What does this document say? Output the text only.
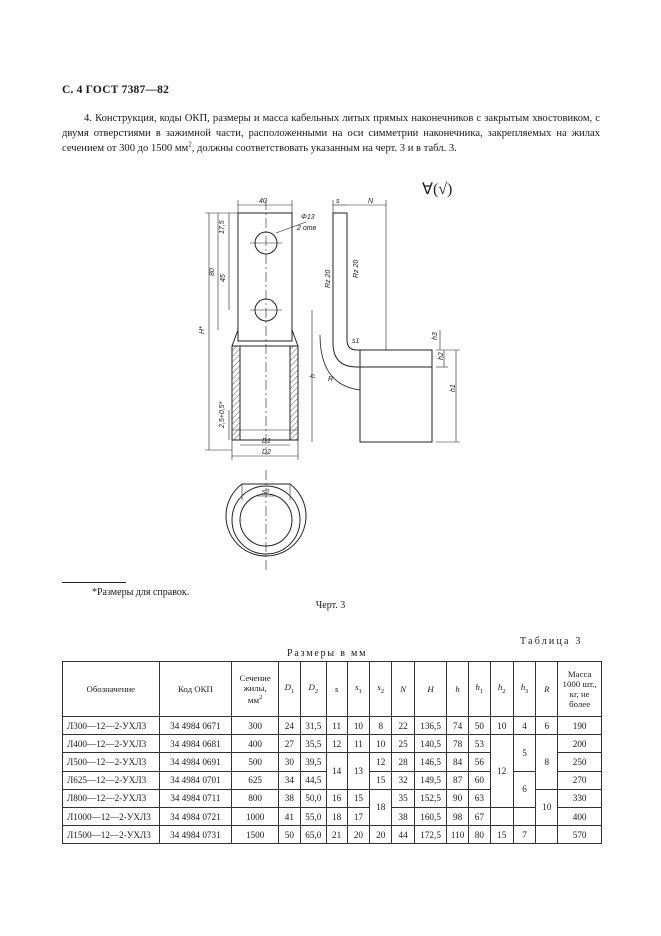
С. 4 ГОСТ 7387—82
4. Конструкция, коды ОКП, размеры и масса кабельных литых прямых наконечников с закрытым хвостовиком, с двумя отверстиями в зажимной части, расположенными на оси симметрии наконечника, закрепляемых на жилах сечением от 300 до 1500 $мм^2$, должны соответствовать указанным на черт. 3 и в табл. 3.
40
Φ13
2 отв
17,5
80
45
H*
2,5+0,5*
D1
D2
s2
s	N
Rz 20
Rz 20
s1
R
h
h1
h2
h3
∀(√)
*Размеры для справок.
Черт. 3
Таблица 3
Размеры в мм
Обозначение	Код ОКП	Сечение
жилы,
$мм^2$	$D_1$	$D_2$	s	$s_1$	$s_2$	N	H	h	$h_1$	$h_2$	$h_3$	R	Масса
1000 шт.,
кг, не
более
Л300—12—2-УХЛ3	34 4984 0671	300	24	31,5	11	10	8	22	136,5	74	50	10	4	6	190
Л400—12—2-УХЛ3	34 4984 0681	400	27	35,5	12	11	10	25	140,5	78	53	12	5	8	200
Л500—12—2-УХЛ3	34 4984 0691	500	30	39,5	14	13	12	28	146,5	84	56				250
Л625—12—2-УХЛ3	34 4984 0701	625	34	44,5			15	32	149,5	87	60		6		270
Л800—12—2-УХЛ3	34 4984 0711	800	38	50,0	16	15	18	35	152,5	90	63			10	330
Л1000—12—2-УХЛ3	34 4984 0721	1000	41	55,0	18	17		38	160,5	98	67				400
Л1500—12—2-УХЛ3	34 4984 0731	1500	50	65,0	21	20	20	44	172,5	110	80	15	7		570
